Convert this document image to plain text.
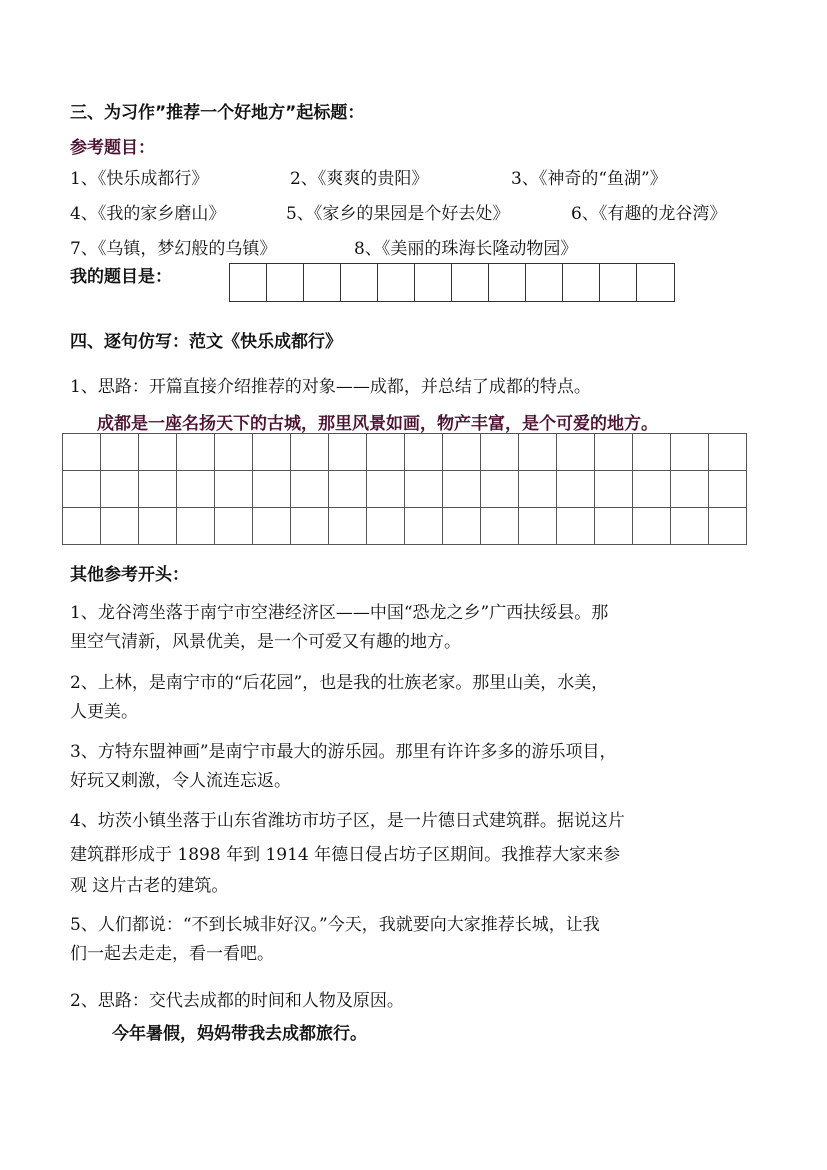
三、为习作”推荐一个好地方”起标题：
参考题目：
1、《快乐成都行》	2、《爽爽的贵阳》	3、《神奇的“鱼湖”》
4、《我的家乡磨山》	5、《家乡的果园是个好去处》	6、《有趣的龙谷湾》
7、《乌镇，梦幻般的乌镇》	8、《美丽的珠海长隆动物园》
我的题目是：
四、逐句仿写：范文《快乐成都行》
1、思路：开篇直接介绍推荐的对象——成都，并总结了成都的特点。
成都是一座名扬天下的古城，那里风景如画，物产丰富，是个可爱的地方。
其他参考开头：
1、龙谷湾坐落于南宁市空港经济区——中国“恐龙之乡”广西扶绥县。那
里空气清新，风景优美，是一个可爱又有趣的地方。
2、上林，是南宁市的“后花园”，也是我的壮族老家。那里山美，水美，
人更美。
3、方特东盟神画”是南宁市最大的游乐园。那里有许许多多的游乐项目，
好玩又刺激，令人流连忘返。
4、坊茨小镇坐落于山东省潍坊市坊子区，是一片德日式建筑群。据说这片
建筑群形成于 1898 年到 1914 年德日侵占坊子区期间。我推荐大家来参
观 这片古老的建筑。
5、人们都说：“不到长城非好汉。”今天，我就要向大家推荐长城，让我
们一起去走走，看一看吧。
2、思路：交代去成都的时间和人物及原因。
今年暑假，妈妈带我去成都旅行。
